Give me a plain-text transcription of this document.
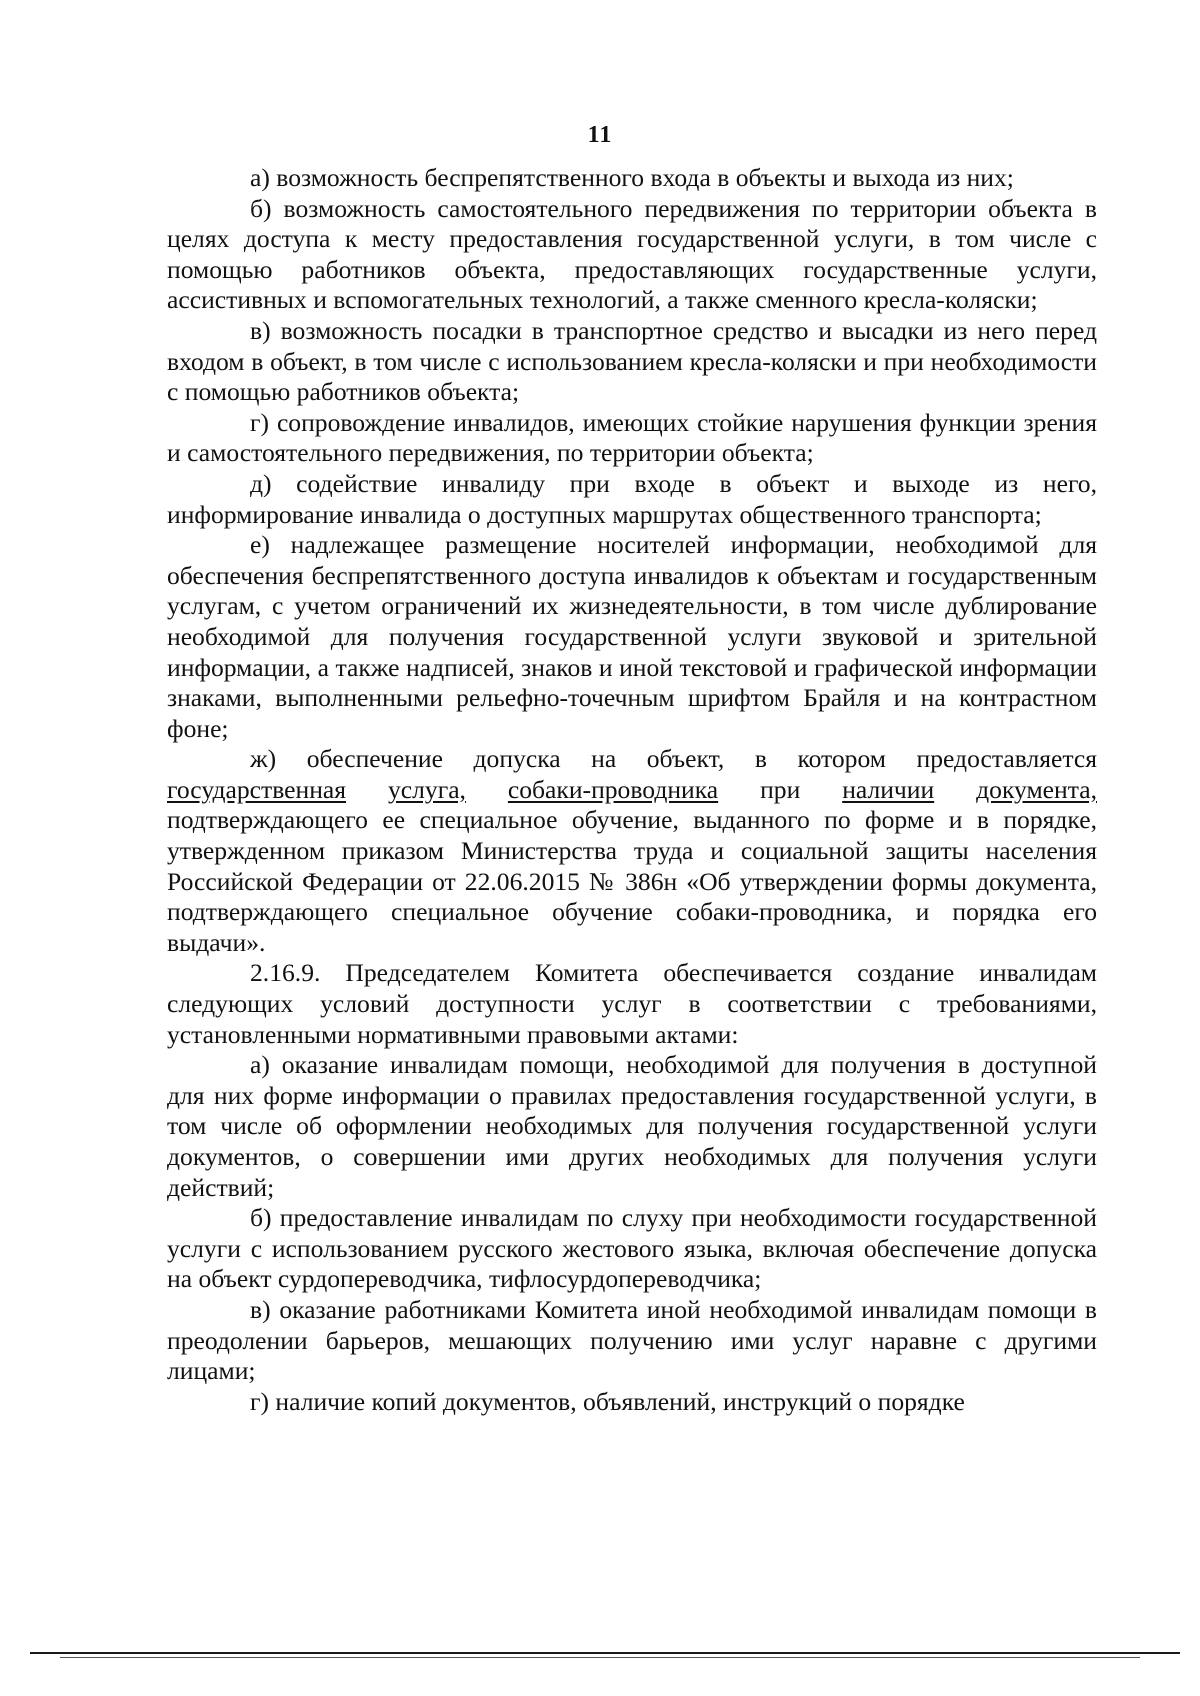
11

а) возможность беспрепятственного входа в объекты и выхода из них;

б) возможность самостоятельного передвижения по территории объекта в целях доступа к месту предоставления государственной услуги, в том числе с помощью работников объекта, предоставляющих государственные услуги, ассистивных и вспомогательных технологий, а также сменного кресла-коляски;

в) возможность посадки в транспортное средство и высадки из него перед входом в объект, в том числе с использованием кресла-коляски и при необходимости с помощью работников объекта;

г) сопровождение инвалидов, имеющих стойкие нарушения функции зрения и самостоятельного передвижения, по территории объекта;

д) содействие инвалиду при входе в объект и выходе из него, информирование инвалида о доступных маршрутах общественного транспорта;

е) надлежащее размещение носителей информации, необходимой для обеспечения беспрепятственного доступа инвалидов к объектам и государственным услугам, с учетом ограничений их жизнедеятельности, в том числе дублирование необходимой для получения государственной услуги звуковой и зрительной информации, а также надписей, знаков и иной текстовой и графической информации знаками, выполненными рельефно-точечным шрифтом Брайля и на контрастном фоне;

ж) обеспечение допуска на объект, в котором предоставляется государственная услуга, собаки-проводника при наличии документа, подтверждающего ее специальное обучение, выданного по форме и в порядке, утвержденном приказом Министерства труда и социальной защиты населения Российской Федерации от 22.06.2015 № 386н «Об утверждении формы документа, подтверждающего специальное обучение собаки-проводника, и порядка его выдачи».

2.16.9. Председателем Комитета обеспечивается создание инвалидам следующих условий доступности услуг в соответствии с требованиями, установленными нормативными правовыми актами:

а) оказание инвалидам помощи, необходимой для получения в доступной для них форме информации о правилах предоставления государственной услуги, в том числе об оформлении необходимых для получения государственной услуги документов, о совершении ими других необходимых для получения услуги действий;

б) предоставление инвалидам по слуху при необходимости государственной услуги с использованием русского жестового языка, включая обеспечение допуска на объект сурдопереводчика, тифлосурдопереводчика;

в) оказание работниками Комитета иной необходимой инвалидам помощи в преодолении барьеров, мешающих получению ими услуг наравне с другими лицами;

г) наличие копий документов, объявлений, инструкций о порядке
